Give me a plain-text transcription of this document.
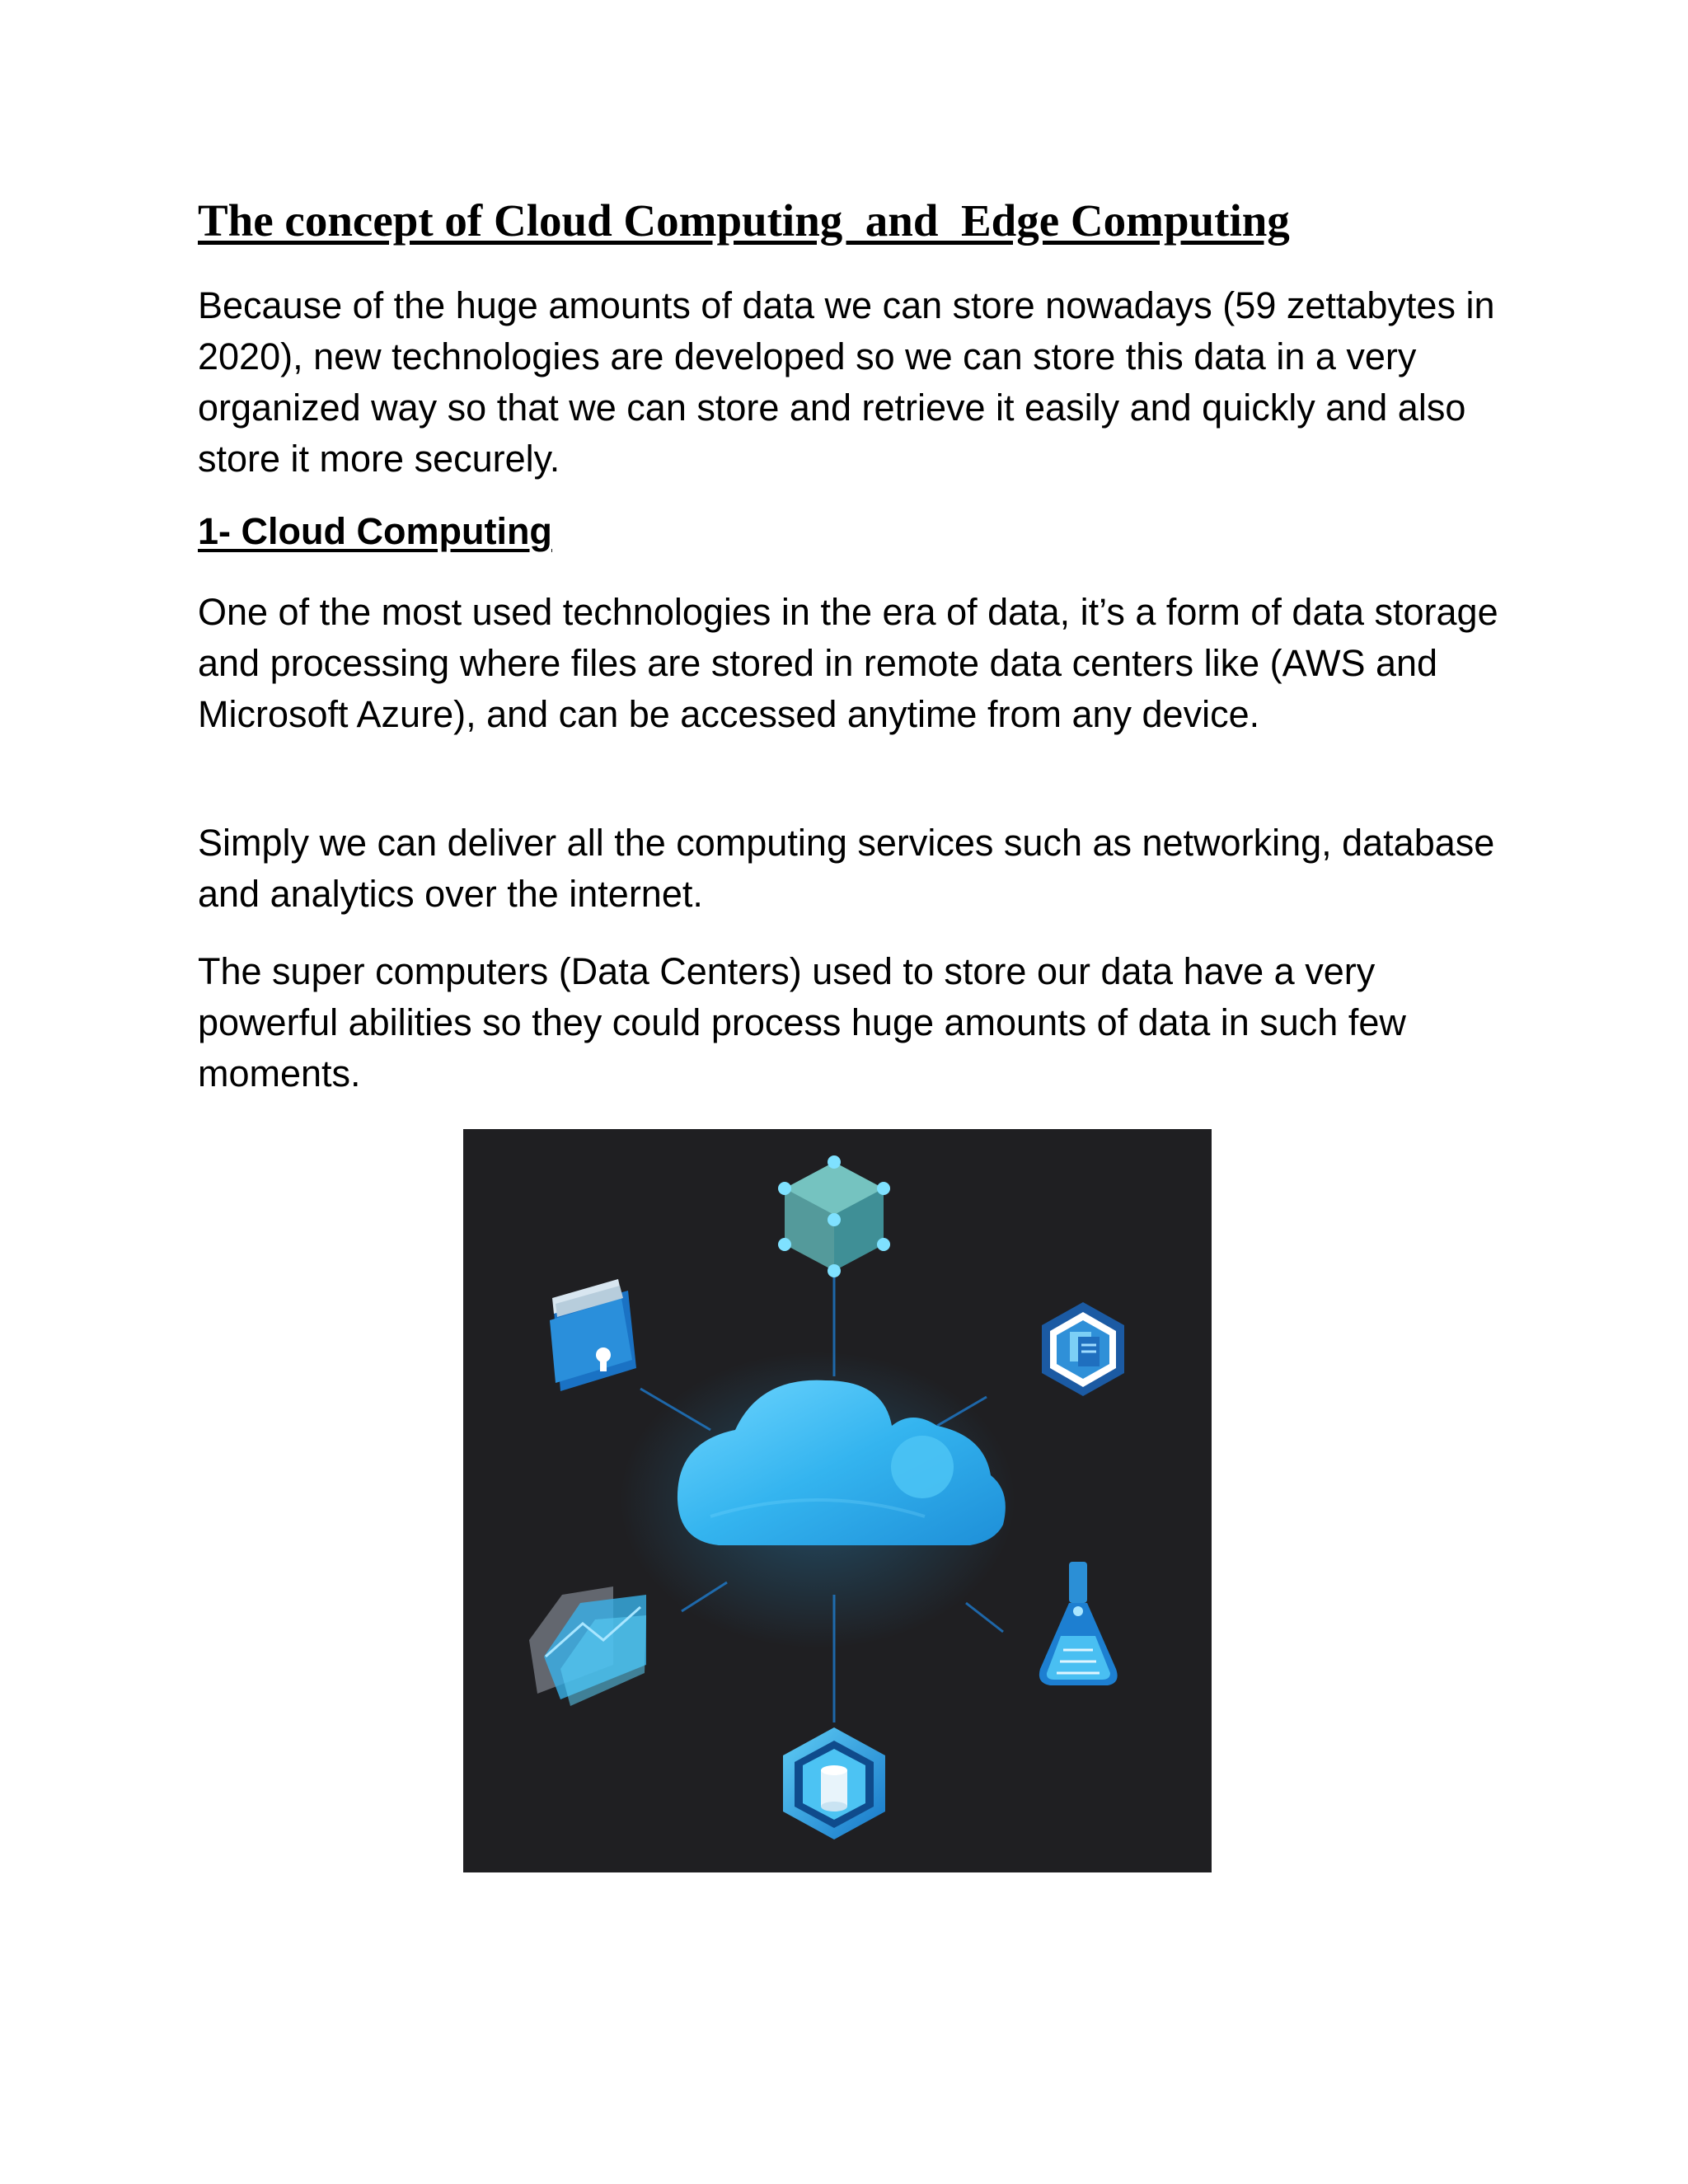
The concept of Cloud Computing  and  Edge Computing

Because of the huge amounts of data we can store nowadays (59 zettabytes in 2020), new technologies are developed so we can store this data in a very organized way so that we can store and retrieve it easily and quickly and also store it more securely.

1- Cloud Computing

One of the most used technologies in the era of data, it’s a form of data storage and processing where files are stored in remote data centers like (AWS and Microsoft Azure), and can be accessed anytime from any device.

Simply we can deliver all the computing services such as networking, database and analytics over the internet.

The super computers (Data Centers) used to store our data have a very powerful abilities so they could process huge amounts of data in such few moments.
